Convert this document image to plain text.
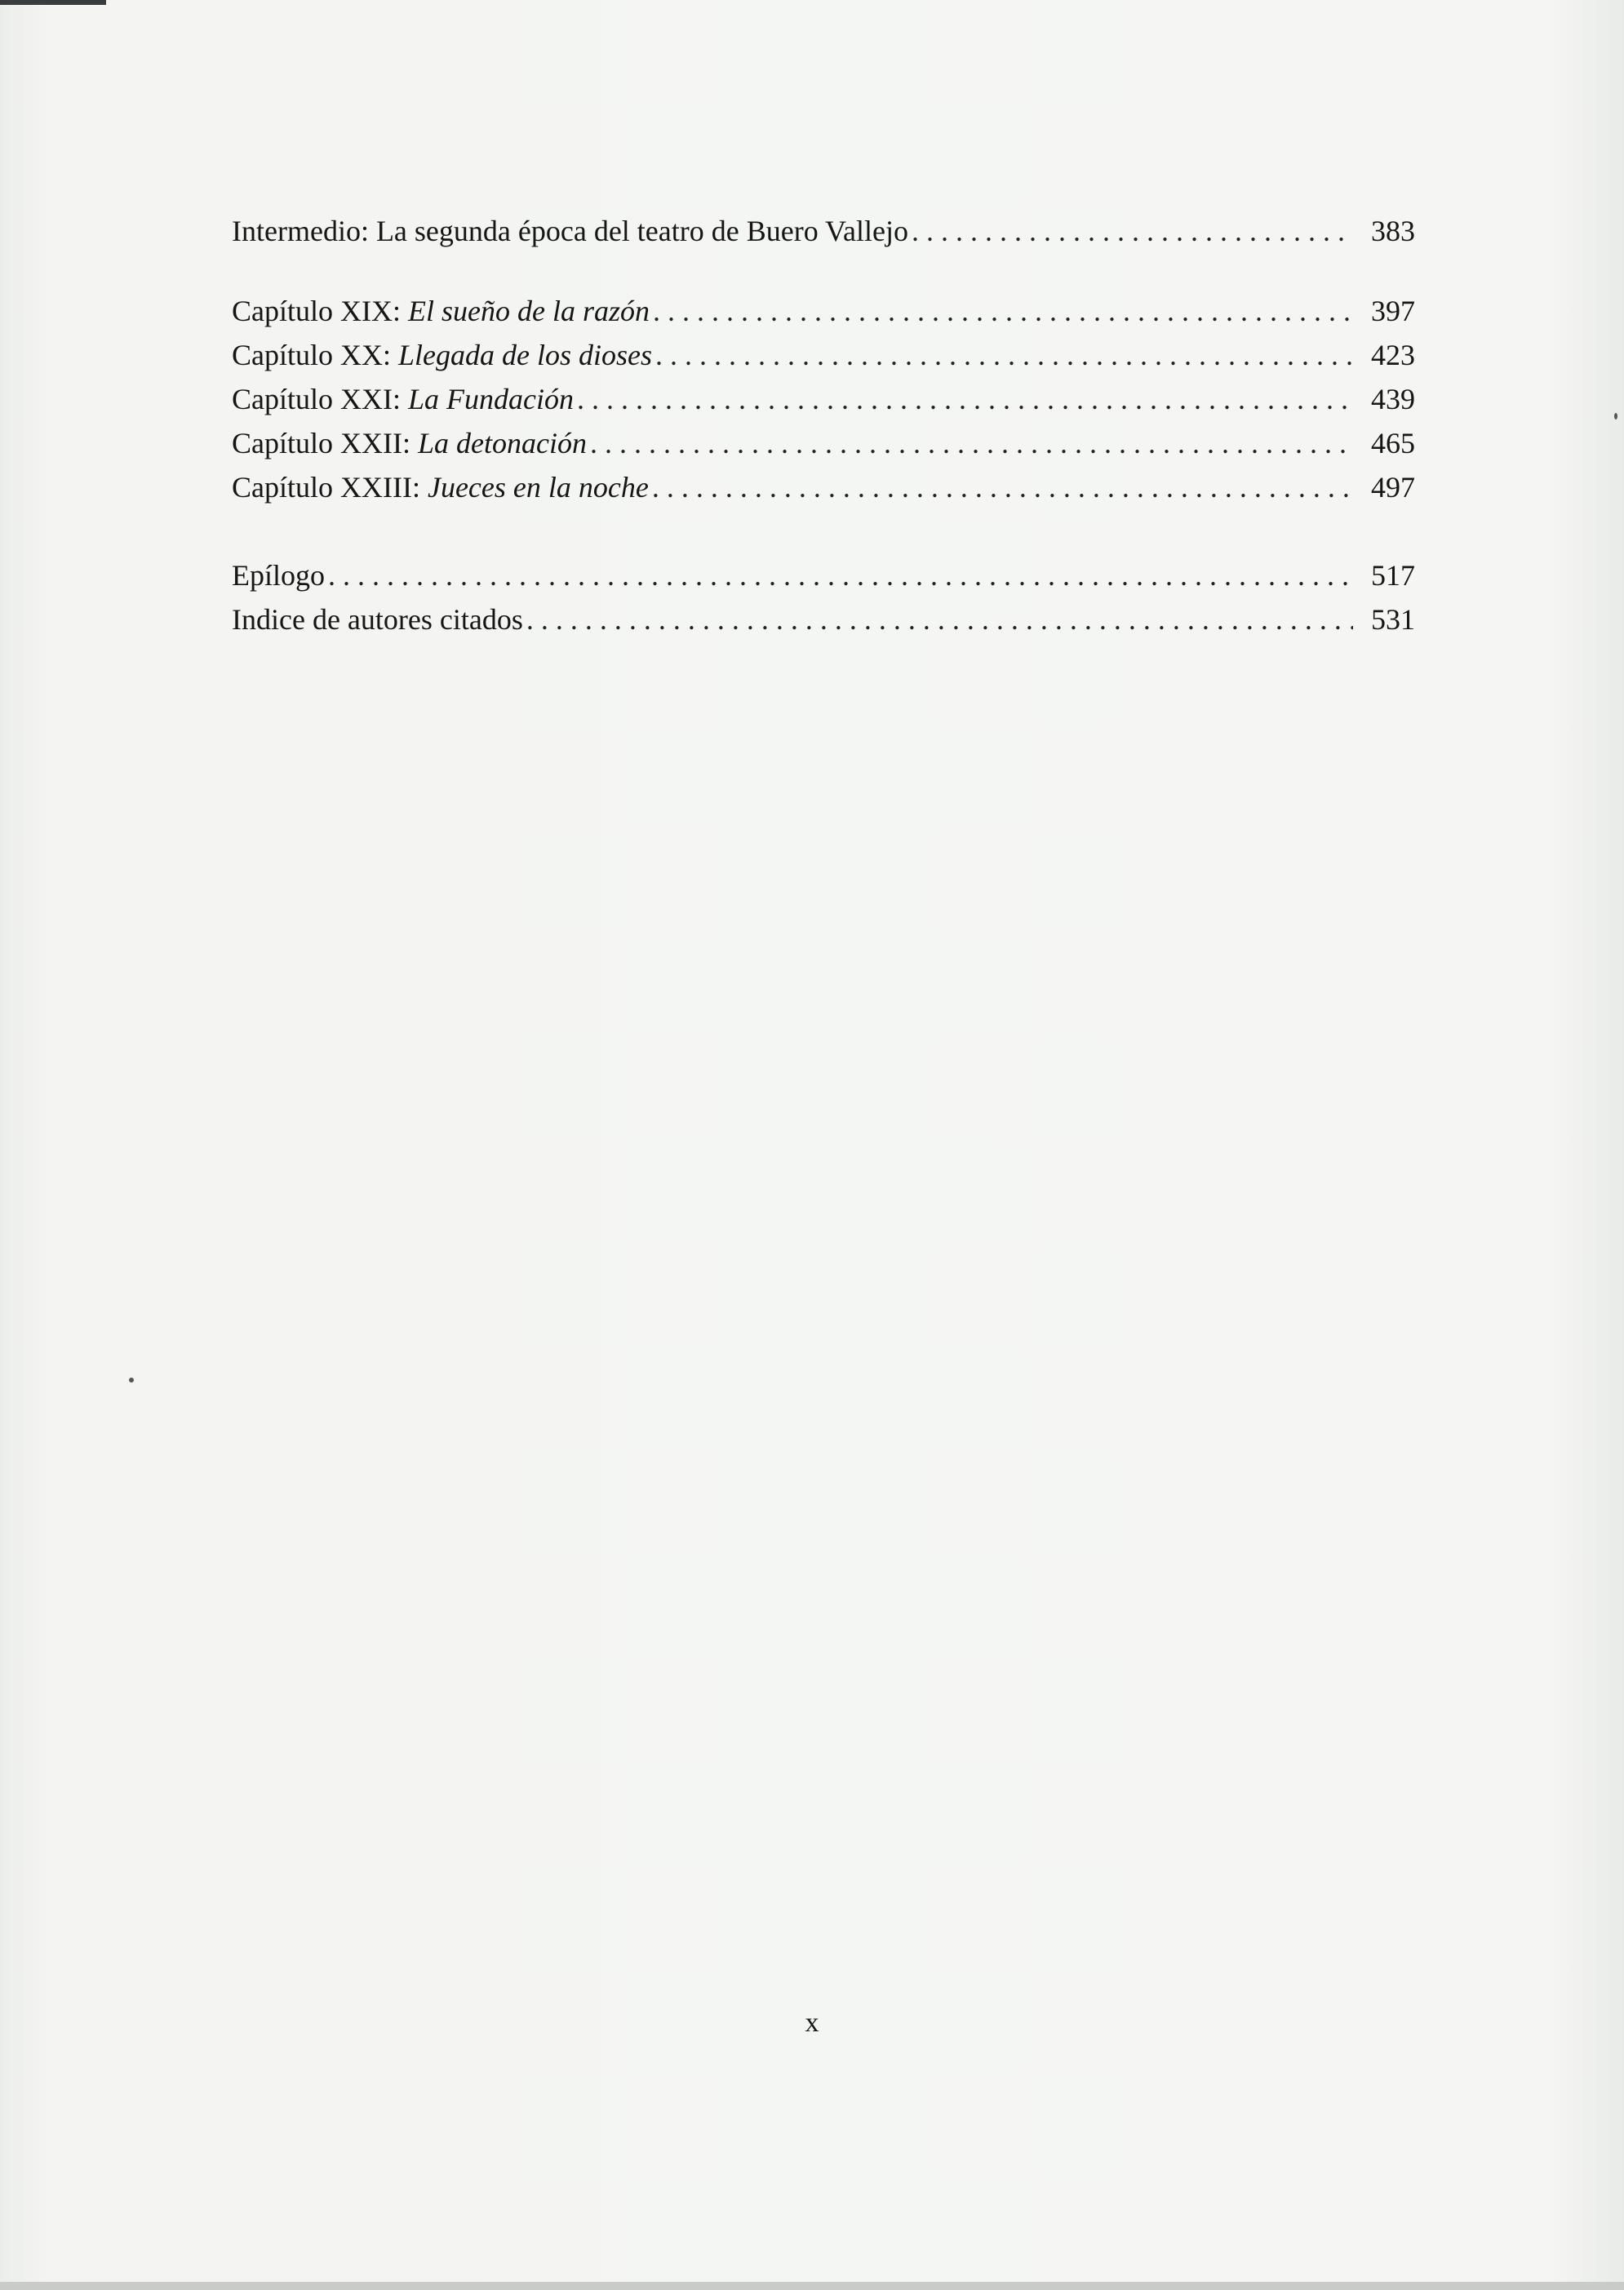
Intermedio: La segunda época del teatro de Buero Vallejo . . .	383
Capítulo XIX: El sueño de la razón . . .	397
Capítulo XX: Llegada de los dioses . . .	423
Capítulo XXI: La Fundación . . .	439
Capítulo XXII: La detonación . . .	465
Capítulo XXIII: Jueces en la noche . . .	497
Epílogo . . .	517
Indice de autores citados . . .	531
x
